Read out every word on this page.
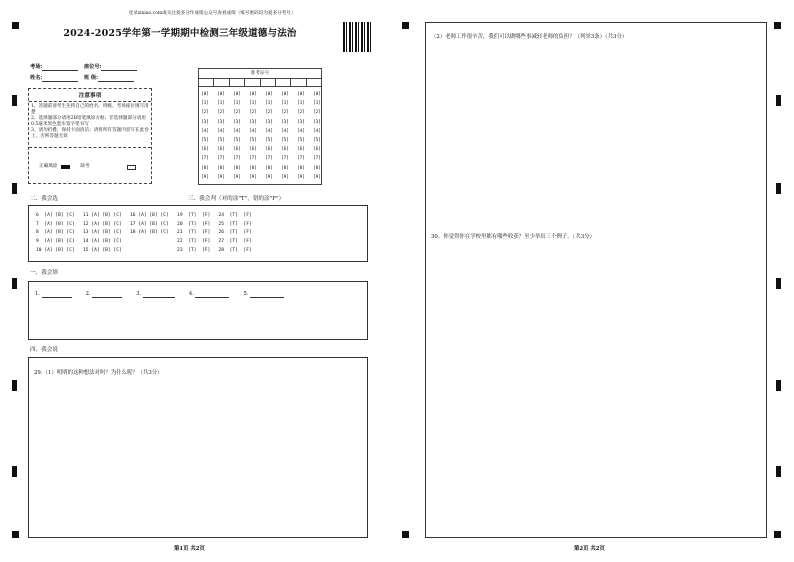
登录zixiao.com或关注爱多分作成绩公众号查看成绩（账号密码均为爱多分考号）
2024-2025学年第一学期期中检测三年级道德与法治
考场:	座位号:
姓名:	班 级:
注意事项
1、答题前请考生先将自己的姓名、班级、考场座位填写清楚
2、选择题部分请用2B铅笔填涂方框；非选择题部分请用0.5毫米黑色墨水签字笔书写
3、请勿折叠，保持卡面清洁；请将所有答题内容写在此卷上，否则答题无效
正确填涂	缺考
准考证号
[0] [0] [0] [0] [0] [0] [0] [0]
[1] [1] [1] [1] [1] [1] [1] [1]
[2] [2] [2] [2] [2] [2] [2] [2]
[3] [3] [3] [3] [3] [3] [3] [3]
[4] [4] [4] [4] [4] [4] [4] [4]
[5] [5] [5] [5] [5] [5] [5] [5]
[6] [6] [6] [6] [6] [6] [6] [6]
[7] [7] [7] [7] [7] [7] [7] [7]
[8] [8] [8] [8] [8] [8] [8] [8]
[9] [9] [9] [9] [9] [9] [9] [9]
二、我会选	三、我会判（对的涂"T"，错的涂"F"）
6  [A] [B] [C]   11 [A] [B] [C]   16 [A] [B] [C]   19  [T]  [F]   24  [T]  [F]
7  [A] [B] [C]   12 [A] [B] [C]   17 [A] [B] [C]   20  [T]  [F]   25  [T]  [F]
8  [A] [B] [C]   13 [A] [B] [C]   18 [A] [B] [C]   21  [T]  [F]   26  [T]  [F]
9  [A] [B] [C]   14 [A] [B] [C]                    22  [T]  [F]   27  [T]  [F]
10 [A] [B] [C]   15 [A] [B] [C]                    23  [T]  [F]   28  [T]  [F]
一、我会填
1.	2.	3.	4.	5.
四、我会说
29.（1）明明的这种想法对吗？为什么呢？（共3分）
（2）老师工作很辛苦，我们可以做哪些事减轻老师的负担？（列举3条）（共3分）
30、你觉得你在学校里都有哪些收获？至少举出三个例子。（共3分）
第1页 共2页	第2页 共2页
